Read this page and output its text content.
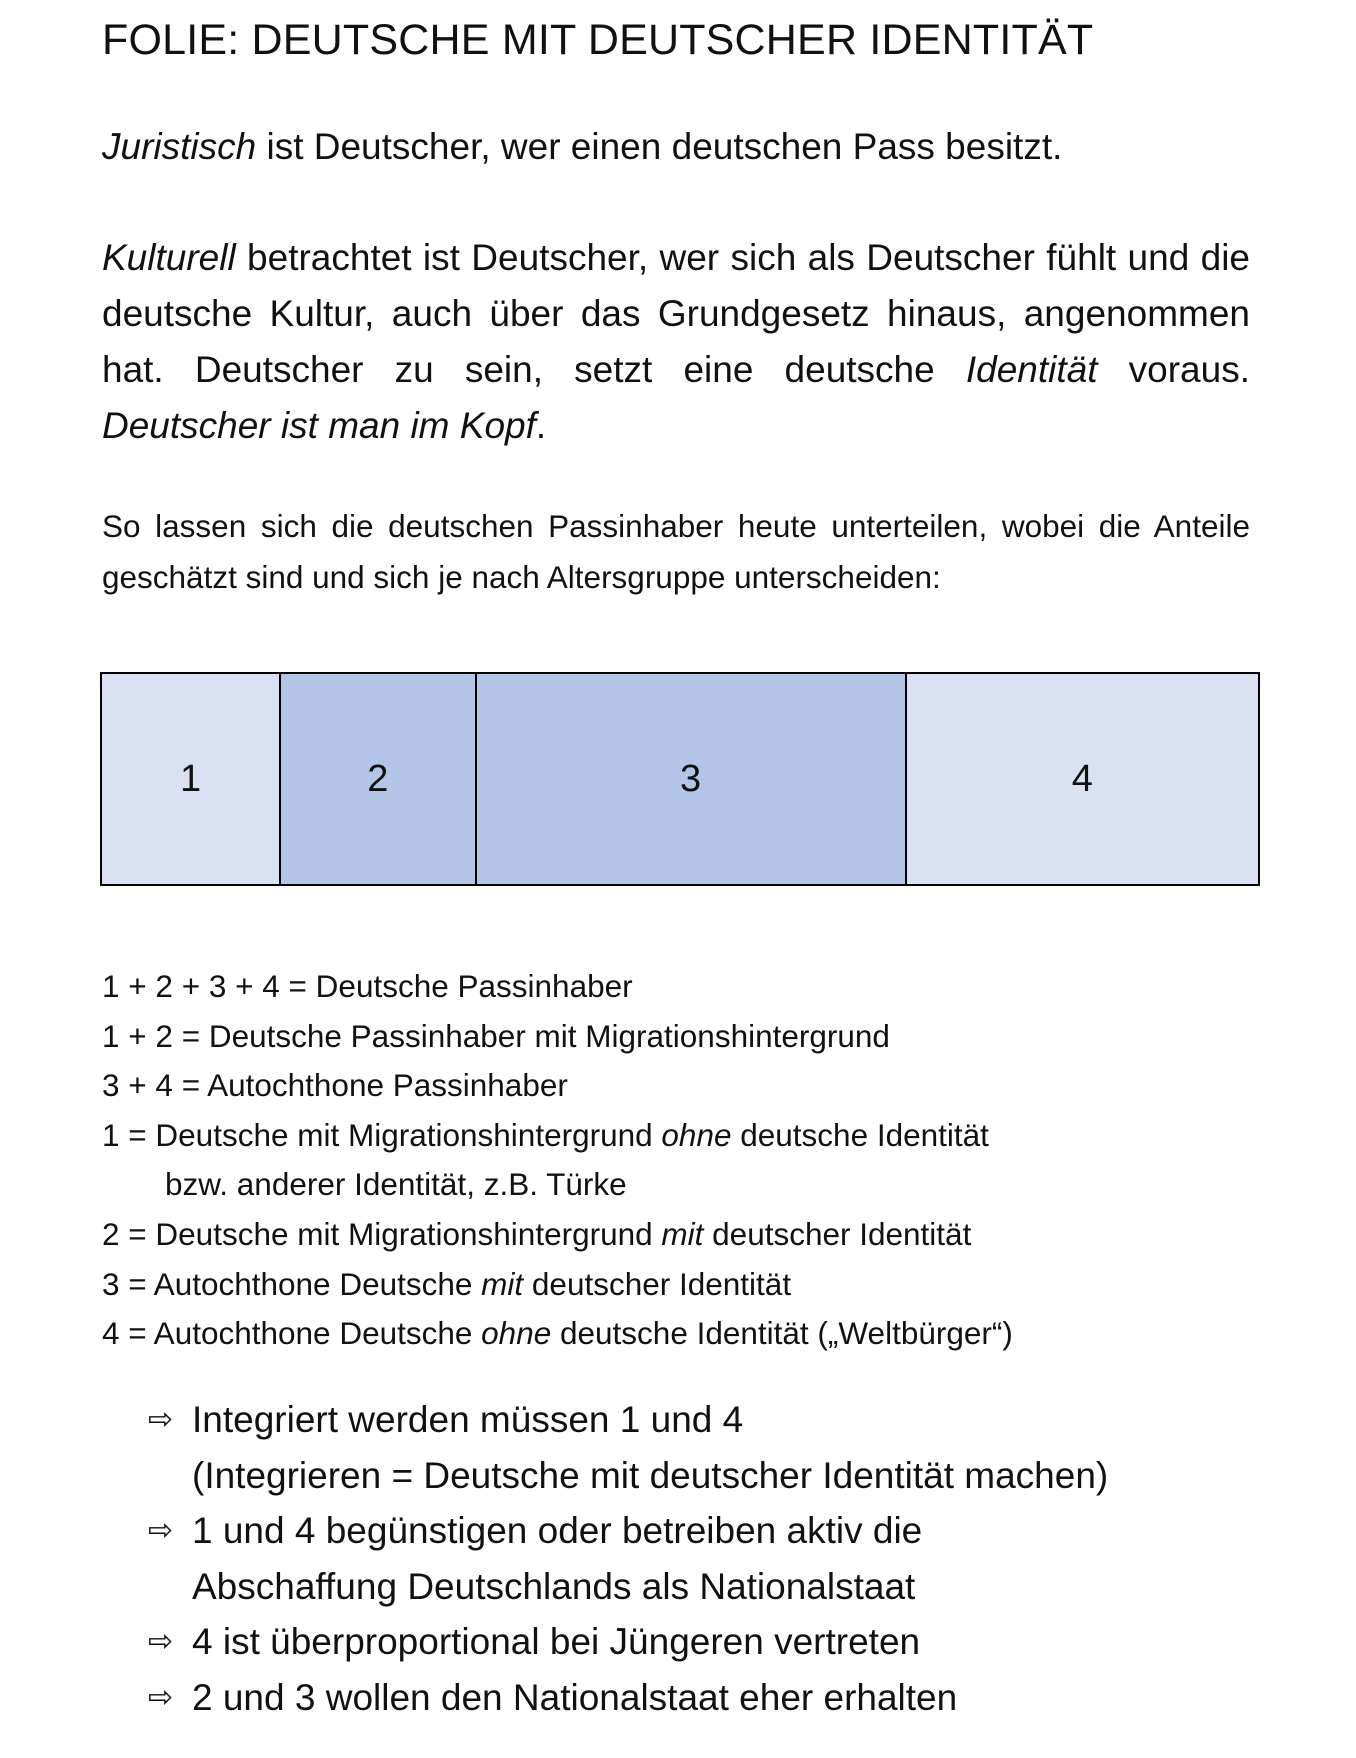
FOLIE: DEUTSCHE MIT DEUTSCHER IDENTITÄT
Juristisch ist Deutscher, wer einen deutschen Pass besitzt.
Kulturell betrachtet ist Deutscher, wer sich als Deutscher fühlt und die deutsche Kultur, auch über das Grundgesetz hinaus, angenommen hat. Deutscher zu sein, setzt eine deutsche Identität voraus. Deutscher ist man im Kopf.
So lassen sich die deutschen Passinhaber heute unterteilen, wobei die Anteile geschätzt sind und sich je nach Altersgruppe unterscheiden:
1	2	3	4
1 + 2 + 3 + 4 = Deutsche Passinhaber
1 + 2 = Deutsche Passinhaber mit Migrationshintergrund
3 + 4 = Autochthone Passinhaber
1 = Deutsche mit Migrationshintergrund ohne deutsche Identität
bzw. anderer Identität, z.B. Türke
2 = Deutsche mit Migrationshintergrund mit deutscher Identität
3 = Autochthone Deutsche mit deutscher Identität
4 = Autochthone Deutsche ohne deutsche Identität („Weltbürger“)
⇨ Integriert werden müssen 1 und 4
(Integrieren = Deutsche mit deutscher Identität machen)
⇨ 1 und 4 begünstigen oder betreiben aktiv die
Abschaffung Deutschlands als Nationalstaat
⇨ 4 ist überproportional bei Jüngeren vertreten
⇨ 2 und 3 wollen den Nationalstaat eher erhalten
